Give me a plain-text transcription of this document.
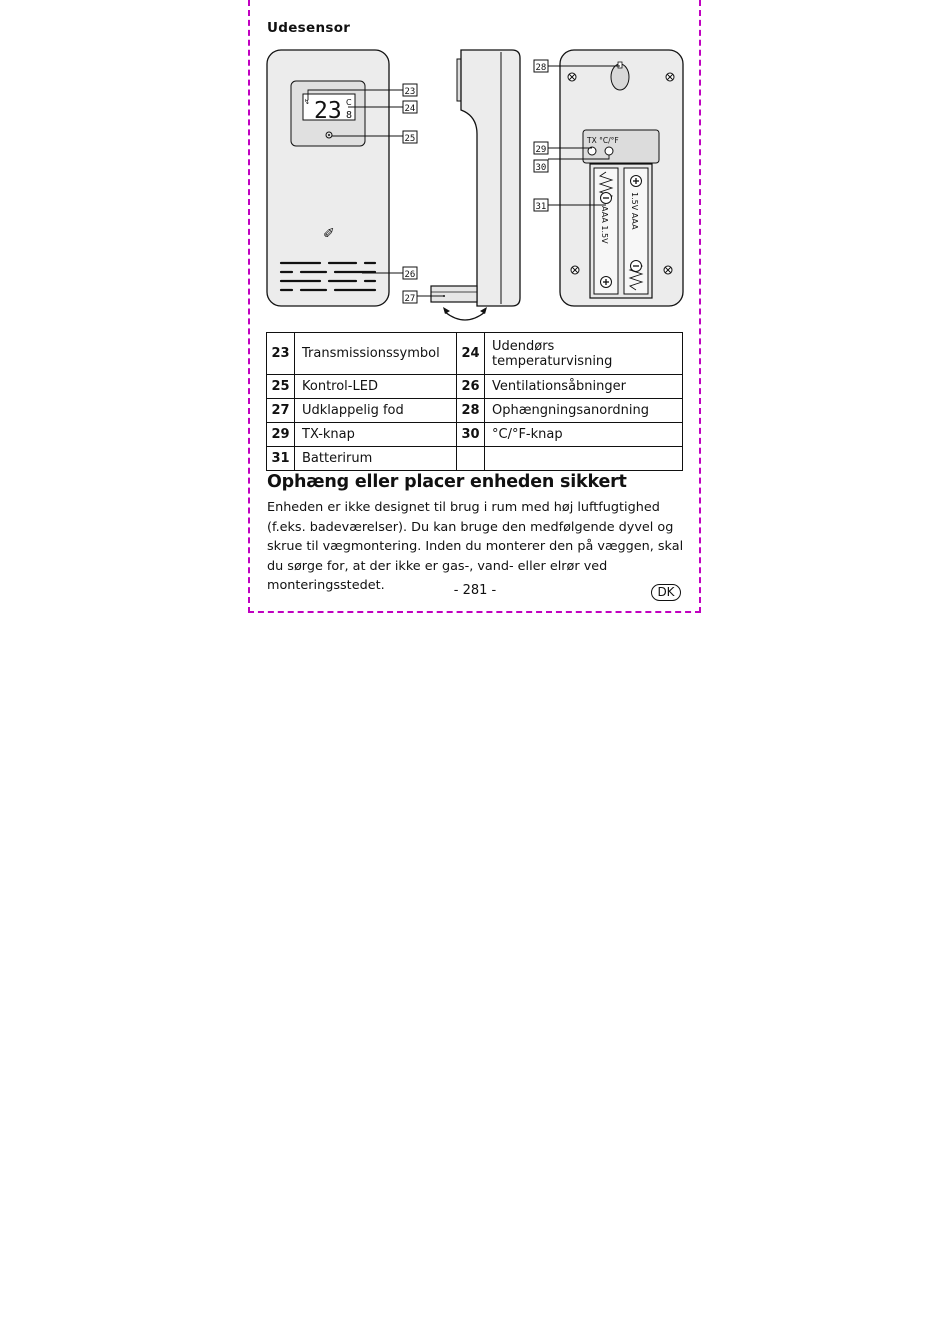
Udesensor
23 C
8
↯
✐
TX °C/°F
AAA 1.5V	1.5V AAA
23
24
25
26
27
28
29
30
31
23	Transmissionssymbol	24	Udendørs temperaturvisning
25	Kontrol-LED	26	Ventilationsåbninger
27	Udklappelig fod	28	Ophængningsanordning
29	TX-knap	30	°C/°F-knap
31	Batterirum		
Ophæng eller placer enheden sikkert
Enheden er ikke designet til brug i rum med høj luftfugtighed (f.eks. badeværelser). Du kan bruge den medfølgende dyvel og skrue til vægmontering. Inden du monterer den på væggen, skal du sørge for, at der ikke er gas-, vand- eller elrør ved monteringsstedet.	- 281 -	DK
